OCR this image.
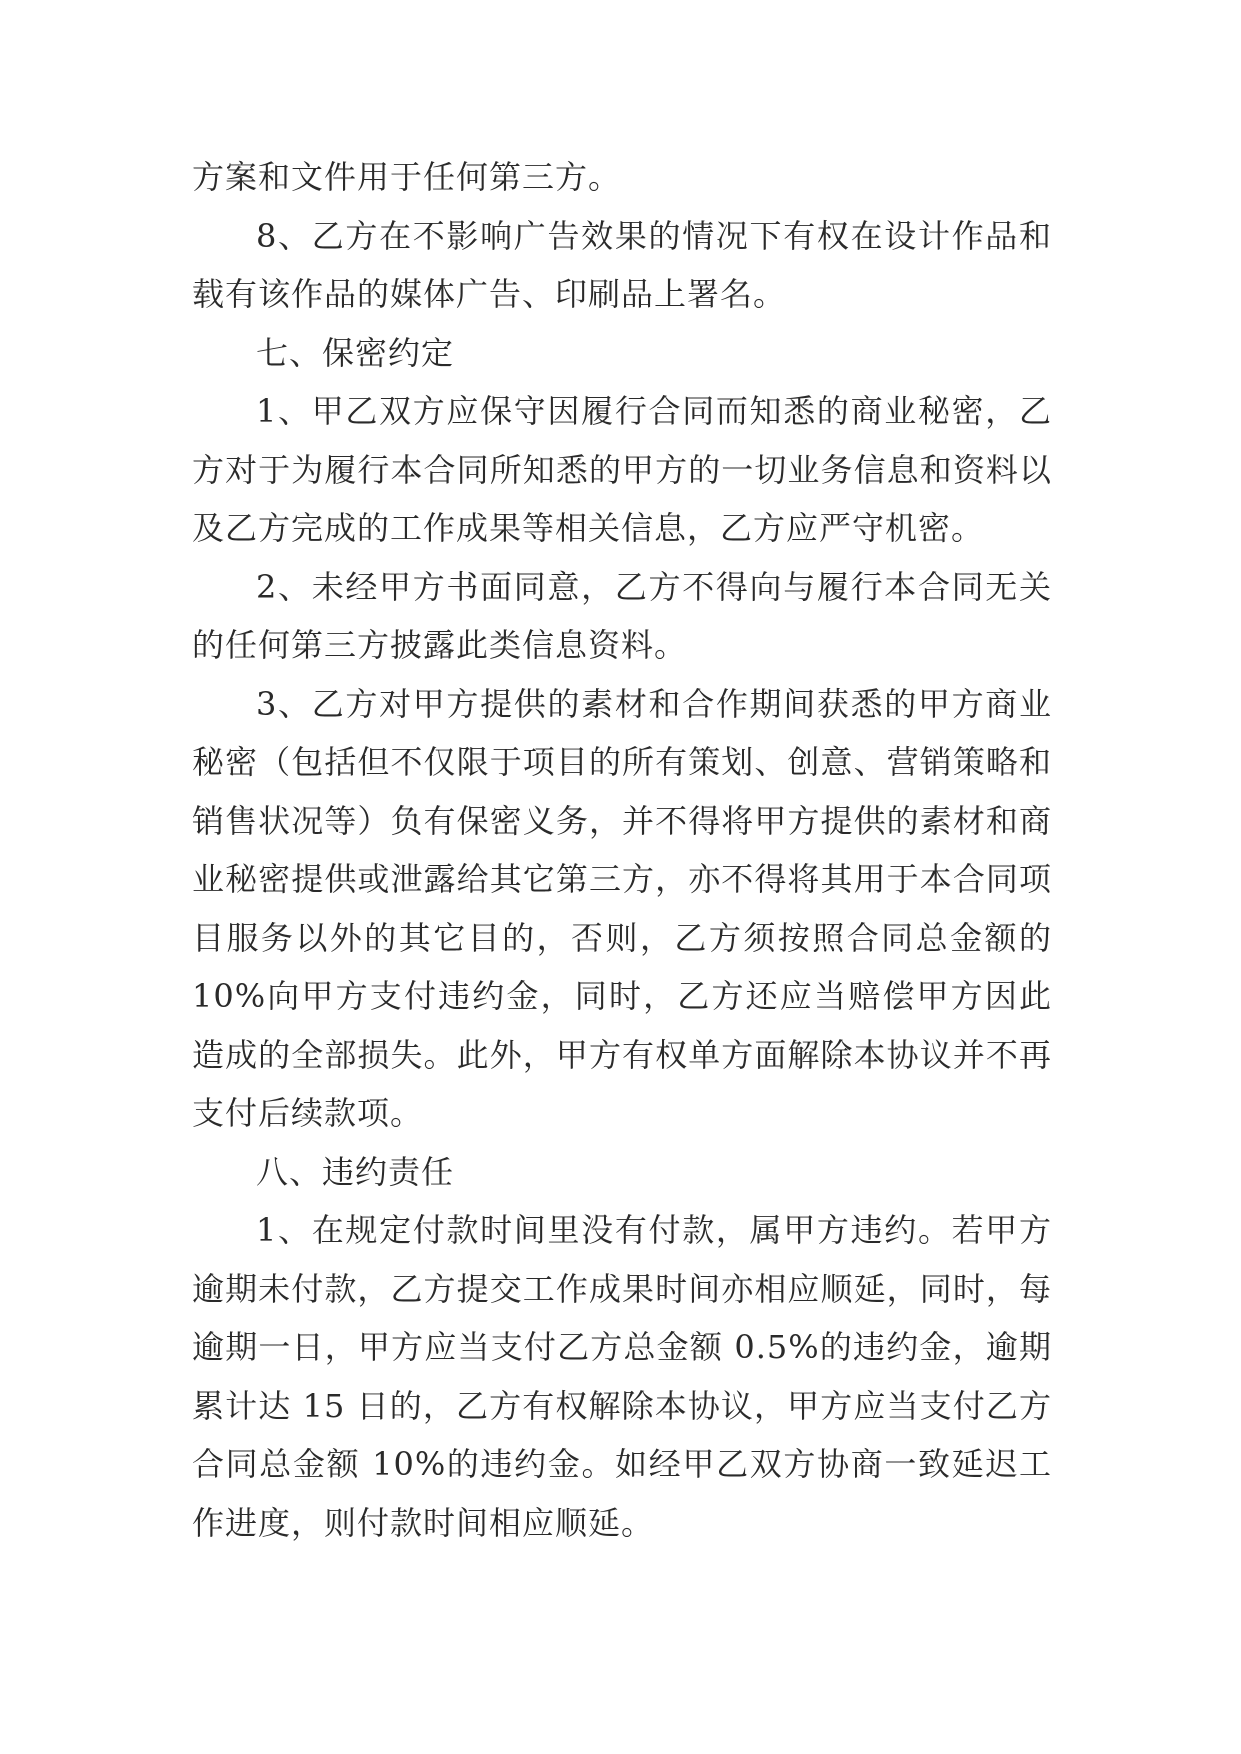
方案和文件用于任何第三方。

8、乙方在不影响广告效果的情况下有权在设计作品和载有该作品的媒体广告、印刷品上署名。

七、保密约定

1、甲乙双方应保守因履行合同而知悉的商业秘密，乙方对于为履行本合同所知悉的甲方的一切业务信息和资料以及乙方完成的工作成果等相关信息，乙方应严守机密。

2、未经甲方书面同意，乙方不得向与履行本合同无关的任何第三方披露此类信息资料。

3、乙方对甲方提供的素材和合作期间获悉的甲方商业秘密（包括但不仅限于项目的所有策划、创意、营销策略和销售状况等）负有保密义务，并不得将甲方提供的素材和商业秘密提供或泄露给其它第三方，亦不得将其用于本合同项目服务以外的其它目的，否则，乙方须按照合同总金额的 10%向甲方支付违约金，同时，乙方还应当赔偿甲方因此造成的全部损失。此外，甲方有权单方面解除本协议并不再支付后续款项。

八、违约责任

1、在规定付款时间里没有付款，属甲方违约。若甲方逾期未付款，乙方提交工作成果时间亦相应顺延，同时，每逾期一日，甲方应当支付乙方总金额 0.5%的违约金，逾期累计达 15 日的，乙方有权解除本协议，甲方应当支付乙方合同总金额 10%的违约金。如经甲乙双方协商一致延迟工作进度，则付款时间相应顺延。
